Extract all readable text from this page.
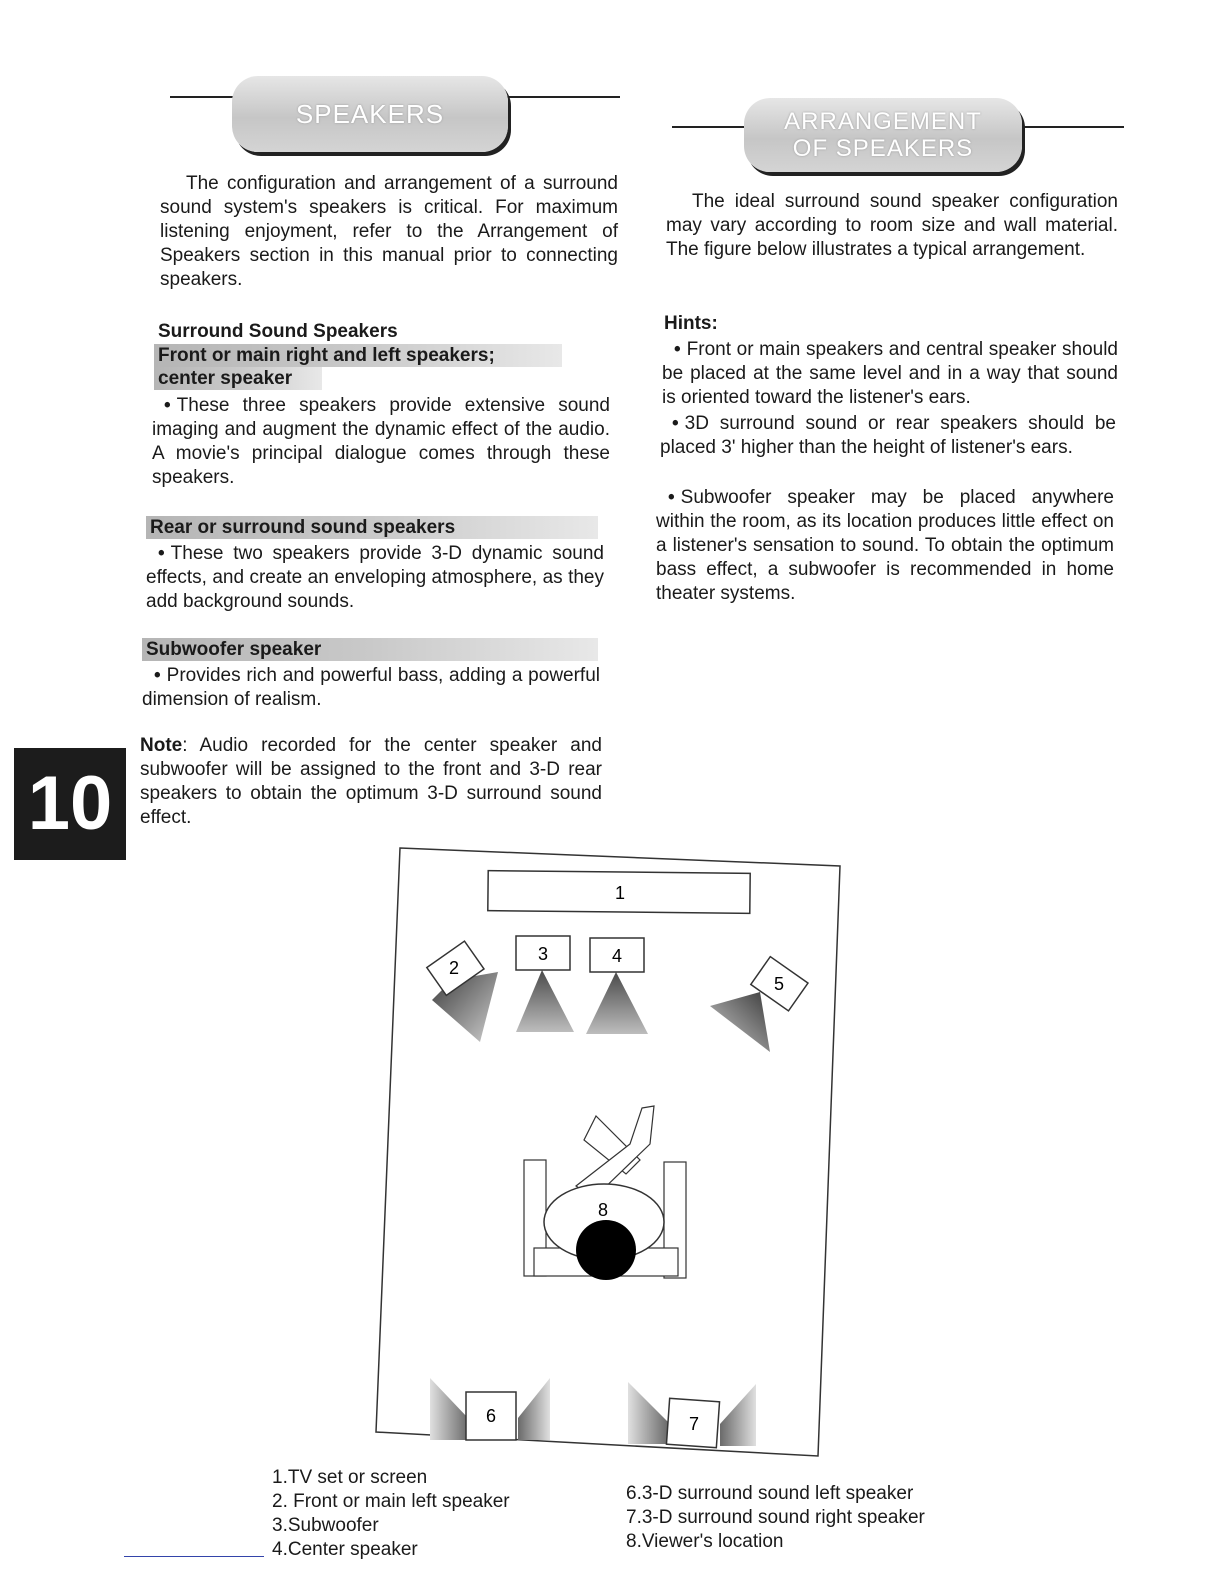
SPEAKERS
The configuration and arrangement of a surround sound system's speakers is critical. For maximum listening enjoyment, refer to the Arrangement of Speakers section in this manual prior to connecting speakers.
Surround Sound Speakers
Front or main right and left speakers;
center speaker
• These three speakers provide extensive sound imaging and augment the dynamic effect of the audio. A movie's principal dialogue comes through these speakers.
Rear or surround sound speakers
• These two speakers provide 3-D dynamic sound effects, and create an enveloping atmosphere, as they add background sounds.
Subwoofer speaker
• Provides rich and powerful bass, adding a powerful dimension of realism.
Note: Audio recorded for the center speaker and subwoofer will be assigned to the front and 3-D rear speakers to obtain the optimum 3-D surround sound effect.
10
ARRANGEMENT
OF SPEAKERS
The ideal surround sound speaker configuration may vary according to room size and wall material. The figure below illustrates a typical arrangement.
Hints:
• Front or main speakers and central speaker should be placed at the same level and in a way that sound is oriented toward the listener's ears.
• 3D surround sound or rear speakers should be placed 3' higher than the height of listener's ears.
• Subwoofer speaker may be placed anywhere within the room, as its location produces little effect on a listener's sensation to sound. To obtain the optimum bass effect, a subwoofer is recommended in home theater systems.
1
2
3	4
5
8
6	7
1.TV set or screen
2. Front or main left speaker
3.Subwoofer
4.Center speaker
6.3-D surround sound left speaker
7.3-D surround sound right speaker
8.Viewer's location
